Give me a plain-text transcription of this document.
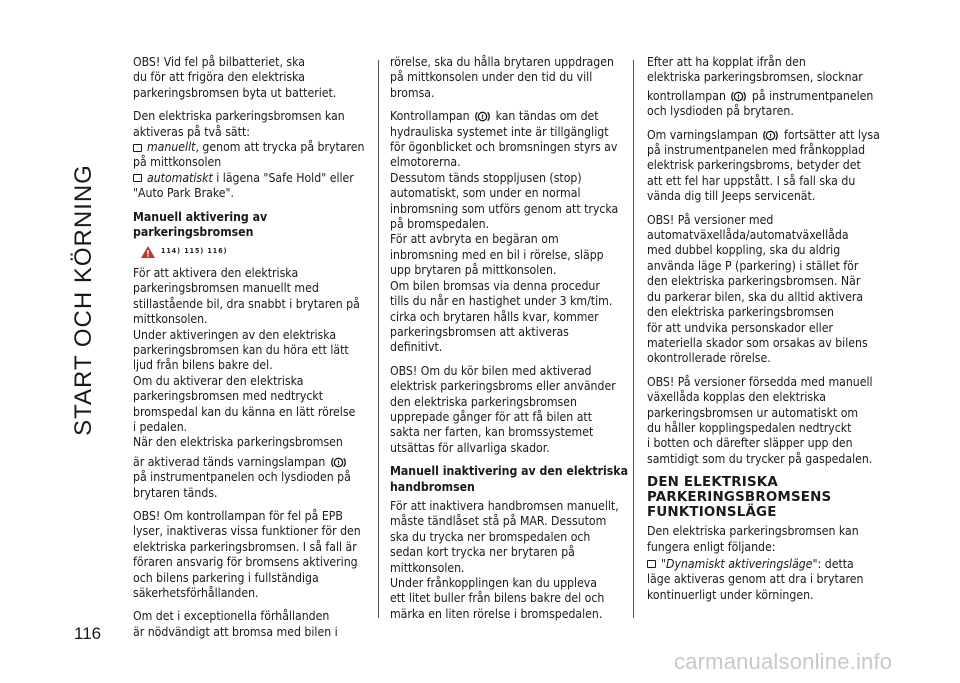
START OCH KÖRNING
116

OBS! Vid fel på bilbatteriet, ska
du för att frigöra den elektriska
parkeringsbromsen byta ut batteriet.

Den elektriska parkeringsbromsen kan
aktiveras på två sätt:

manuellt, genom att trycka på brytaren
på mittkonsolen

automatiskt i lägena "Safe Hold" eller
"Auto Park Brake".

Manuell aktivering av parkeringsbromsen
114) 115) 116)

För att aktivera den elektriska
parkeringsbromsen manuellt med
stillastående bil, dra snabbt i brytaren på
mittkonsolen.
Under aktiveringen av den elektriska
parkeringsbromsen kan du höra ett lätt
ljud från bilens bakre del.
Om du aktiverar den elektriska
parkeringsbromsen med nedtryckt
bromspedal kan du känna en lätt rörelse
i pedalen.
När den elektriska parkeringsbromsen
är aktiverad tänds varningslampan !
på instrumentpanelen och lysdioden på
brytaren tänds.

OBS! Om kontrollampan för fel på EPB
lyser, inaktiveras vissa funktioner för den
elektriska parkeringsbromsen. I så fall är
föraren ansvarig för bromsens aktivering
och bilens parkering i fullständiga
säkerhetsförhållanden.

Om det i exceptionella förhållanden
är nödvändigt att bromsa med bilen i

rörelse, ska du hålla brytaren uppdragen
på mittkonsolen under den tid du vill
bromsa.

Kontrollampan ! kan tändas om det
hydrauliska systemet inte är tillgängligt
för ögonblicket och bromsningen styrs av
elmotorerna.
Dessutom tänds stoppljusen (stop)
automatiskt, som under en normal
inbromsning som utförs genom att trycka
på bromspedalen.
För att avbryta en begäran om
inbromsning med en bil i rörelse, släpp
upp brytaren på mittkonsolen.
Om bilen bromsas via denna procedur
tills du når en hastighet under 3 km/tim.
cirka och brytaren hålls kvar, kommer
parkeringsbromsen att aktiveras
definitivt.

OBS! Om du kör bilen med aktiverad
elektrisk parkeringsbroms eller använder
den elektriska parkeringsbromsen
upprepade gånger för att få bilen att
sakta ner farten, kan bromssystemet
utsättas för allvarliga skador.

Manuell inaktivering av den elektriska
handbromsen

För att inaktivera handbromsen manuellt,
måste tändlåset stå på MAR. Dessutom
ska du trycka ner bromspedalen och
sedan kort trycka ner brytaren på
mittkonsolen.
Under frånkopplingen kan du uppleva
ett litet buller från bilens bakre del och
märka en liten rörelse i bromspedalen.

Efter att ha kopplat ifrån den
elektriska parkeringsbromsen, slocknar
kontrollampan ! på instrumentpanelen
och lysdioden på brytaren.

Om varningslampan ! fortsätter att lysa
på instrumentpanelen med frånkopplad
elektrisk parkeringsbroms, betyder det
att ett fel har uppstått. I så fall ska du
vända dig till Jeeps servicenät.

OBS! På versioner med
automatväxellåda/automatväxellåda
med dubbel koppling, ska du aldrig
använda läge P (parkering) i stället för
den elektriska parkeringsbromsen. När
du parkerar bilen, ska du alltid aktivera
den elektriska parkeringsbromsen
för att undvika personskador eller
materiella skador som orsakas av bilens
okontrollerade rörelse.

OBS! På versioner försedda med manuell
växellåda kopplas den elektriska
parkeringsbromsen ur automatiskt om
du håller kopplingspedalen nedtryckt
i botten och därefter släpper upp den
samtidigt som du trycker på gaspedalen.

DEN ELEKTRISKA
PARKERINGSBROMSENS
FUNKTIONSLÄGE

Den elektriska parkeringsbromsen kan
fungera enligt följande:

"Dynamiskt aktiveringsläge": detta
läge aktiveras genom att dra i brytaren
kontinuerligt under körningen.

carmanualsonline.info
